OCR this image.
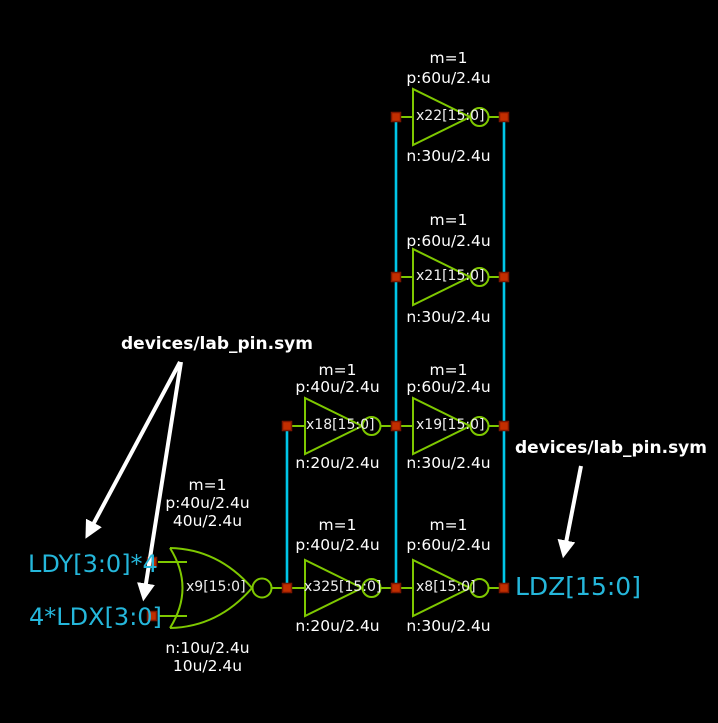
m=1
p:60u/2.4u
n:30u/2.4u
x22[15:0]
m=1
p:60u/2.4u
n:30u/2.4u
x21[15:0]
m=1
p:40u/2.4u
n:20u/2.4u
x18[15:0]
m=1
p:60u/2.4u
n:30u/2.4u
x19[15:0]
m=1
p:40u/2.4u
n:20u/2.4u
x325[15:0]
m=1
p:60u/2.4u
n:30u/2.4u
x8[15:0]
m=1
p:40u/2.4u
40u/2.4u
n:10u/2.4u
10u/2.4u
x9[15:0]
LDY[3:0]*4
4*LDX[3:0]
LDZ[15:0]
devices/lab_pin.sym
devices/lab_pin.sym
